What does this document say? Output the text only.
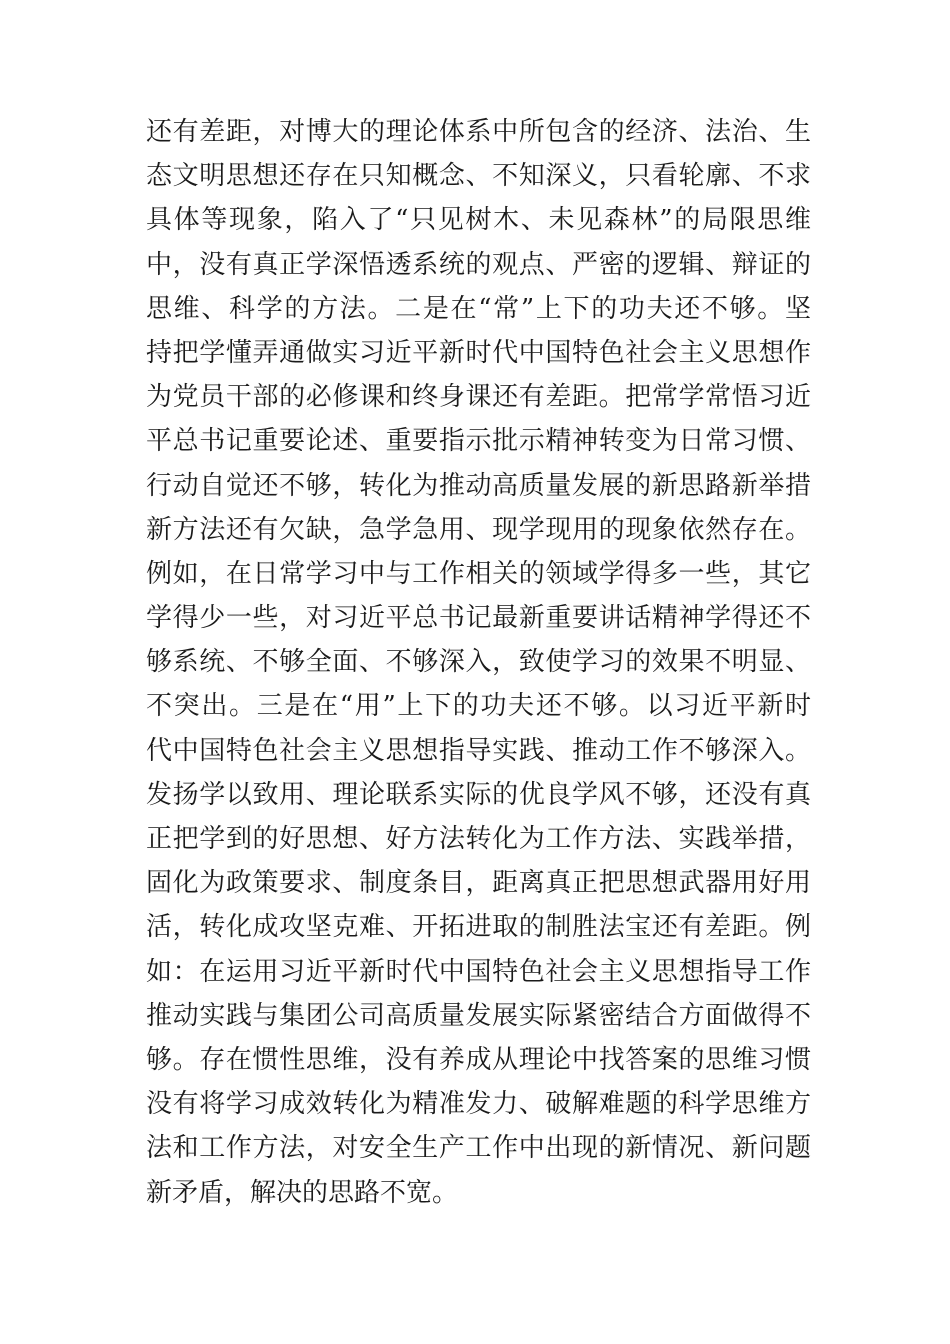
还有差距，对博大的理论体系中所包含的经济、法治、生
态文明思想还存在只知概念、不知深义，只看轮廓、不求
具体等现象，陷入了“只见树木、未见森林”的局限思维
中，没有真正学深悟透系统的观点、严密的逻辑、辩证的
思维、科学的方法。二是在“常”上下的功夫还不够。坚
持把学懂弄通做实习近平新时代中国特色社会主义思想作
为党员干部的必修课和终身课还有差距。把常学常悟习近
平总书记重要论述、重要指示批示精神转变为日常习惯、
行动自觉还不够，转化为推动高质量发展的新思路新举措
新方法还有欠缺，急学急用、现学现用的现象依然存在。
例如，在日常学习中与工作相关的领域学得多一些，其它
学得少一些，对习近平总书记最新重要讲话精神学得还不
够系统、不够全面、不够深入，致使学习的效果不明显、
不突出。三是在“用”上下的功夫还不够。以习近平新时
代中国特色社会主义思想指导实践、推动工作不够深入。
发扬学以致用、理论联系实际的优良学风不够，还没有真
正把学到的好思想、好方法转化为工作方法、实践举措，
固化为政策要求、制度条目，距离真正把思想武器用好用
活，转化成攻坚克难、开拓进取的制胜法宝还有差距。例
如：在运用习近平新时代中国特色社会主义思想指导工作
推动实践与集团公司高质量发展实际紧密结合方面做得不
够。存在惯性思维，没有养成从理论中找答案的思维习惯
没有将学习成效转化为精准发力、破解难题的科学思维方
法和工作方法，对安全生产工作中出现的新情况、新问题
新矛盾，解决的思路不宽。
